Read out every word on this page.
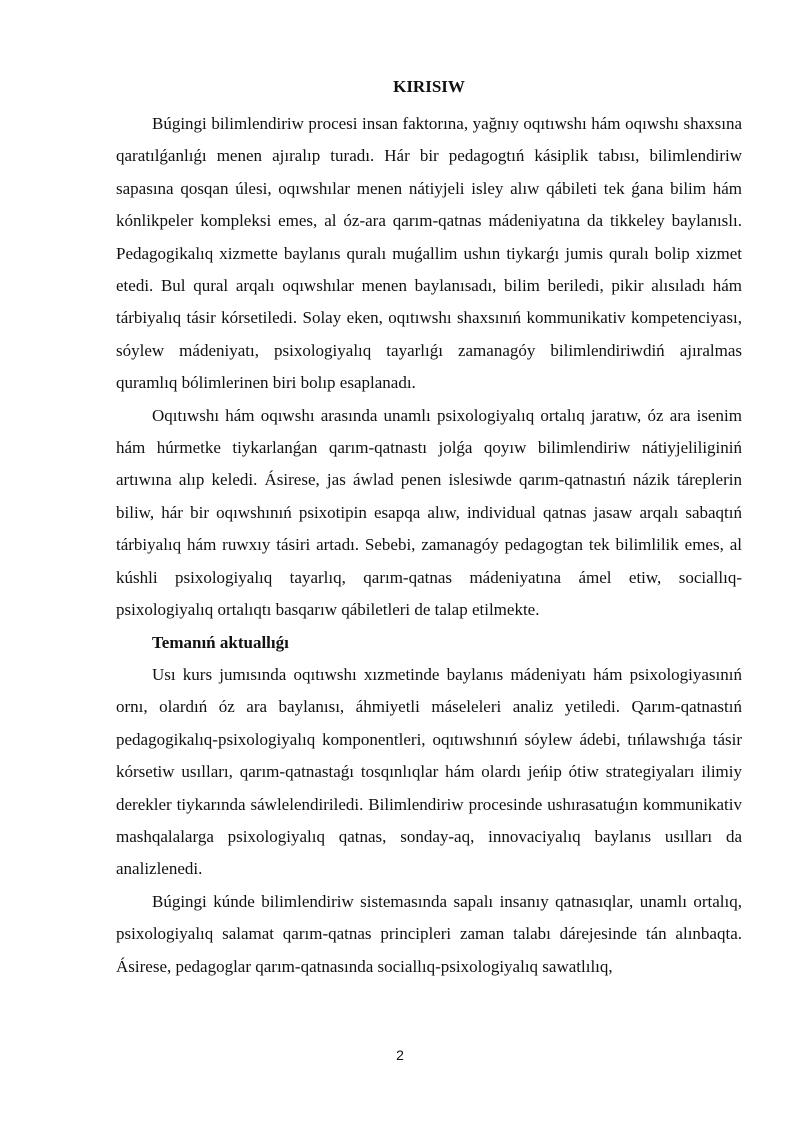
KIRISIW

Búgingi bilimlendiriw procesi insan faktorına, yağnıy oqıtıwshı hám oqıwshı shaxsına qaratılǵanlıǵı menen ajıralıp turadı. Hár bir pedagogtıń kásiplik tabısı, bilimlendiriw sapasına qosqan úlesi, oqıwshılar menen nátiyjeli isley alıw qábileti tek ǵana bilim hám kónlikpeler kompleksi emes, al óz-ara qarım-qatnas mádeniyatına da tikkeley baylanıslı. Pedagogikalıq xizmette baylanıs quralı muǵallim ushın tiykarǵı jumis quralı bolip xizmet etedi. Bul qural arqalı oqıwshılar menen baylanısadı, bilim beriledi, pikir alısıladı hám tárbiyalıq tásir kórsetiledi. Solay eken, oqıtıwshı shaxsınıń kommunikativ kompetenciyası, sóylew mádeniyatı, psixologiyalıq tayarlıǵı zamanagóy bilimlendiriwdiń ajıralmas quramlıq bólimlerinen biri bolıp esaplanadı.

Oqıtıwshı hám oqıwshı arasında unamlı psixologiyalıq ortalıq jaratıw, óz ara isenim hám húrmetke tiykarlanǵan qarım-qatnastı jolǵa qoyıw bilimlendiriw nátiyjeliliginiń artıwına alıp keledi. Ásirese, jas áwlad penen islesiwde qarım-qatnastıń názik táreplerin biliw, hár bir oqıwshınıń psixotipin esapqa alıw, individual qatnas jasaw arqalı sabaqtıń tárbiyalıq hám ruwxıy tásiri artadı. Sebebi, zamanagóy pedagogtan tek bilimlilik emes, al kúshli psixologiyalıq tayarlıq, qarım-qatnas mádeniyatına ámel etiw, sociallıq-psixologiyalıq ortalıqtı basqarıw qábiletleri de talap etilmekte.

Temanıń aktuallıǵı

Usı kurs jumısında oqıtıwshı xızmetinde baylanıs mádeniyatı hám psixologiyasınıń ornı, olardıń óz ara baylanısı, áhmiyetli máseleleri analiz yetiledi. Qarım-qatnastıń pedagogikalıq-psixologiyalıq komponentleri, oqıtıwshınıń sóylew ádebi, tıńlawshıǵa tásir kórsetiw usılları, qarım-qatnastaǵı tosqınlıqlar hám olardı jeńip ótiw strategiyaları ilimiy derekler tiykarında sáwlelendiriledi. Bilimlendiriw procesinde ushırasatuǵın kommunikativ mashqalalarga psixologiyalıq qatnas, sonday-aq, innovaciyalıq baylanıs usılları da analizlenedi.

Búgingi kúnde bilimlendiriw sistemasında sapalı insanıy qatnasıqlar, unamlı ortalıq, psixologiyalıq salamat qarım-qatnas principleri zaman talabı dárejesinde tán alınbaqta. Ásirese, pedagoglar qarım-qatnasında sociallıq-psixologiyalıq sawatlılıq,

2
